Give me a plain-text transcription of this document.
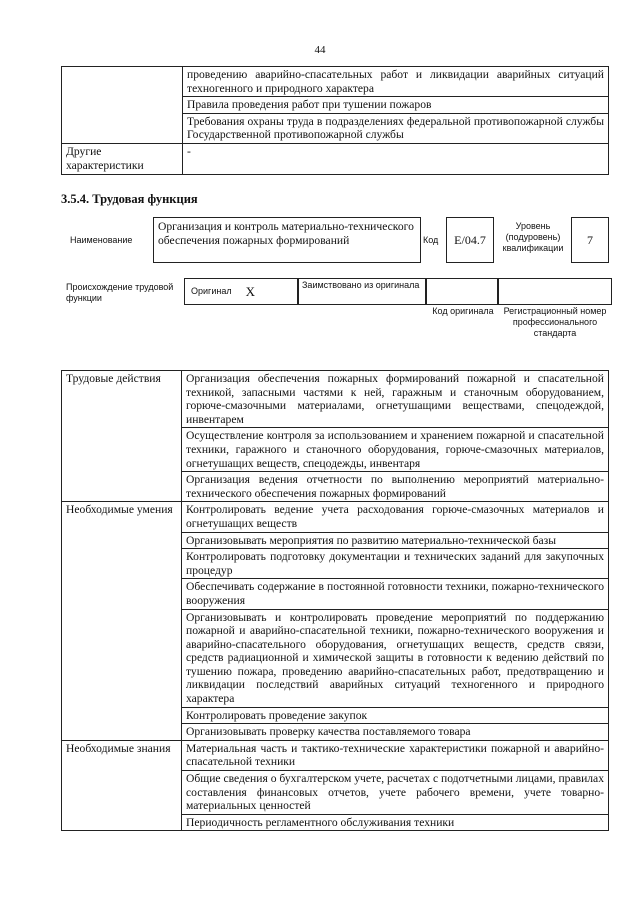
44
	проведению аварийно-спасательных работ и ликвидации аварийных ситуаций техногенного и природного характера
	Правила проведения работ при тушении пожаров
	Требования охраны труда в подразделениях федеральной противопожарной службы Государственной противопожарной службы
Другие характеристики	-
3.5.4. Трудовая функция
Наименование
Организация и контроль материально-технического обеспечения пожарных формирований	Код	E/04.7
Уровень (подуровень) квалификации
7
Происхождение трудовой функции
Оригинал X	Заимствовано из оригинала
Код оригинала	Регистрационный номер профессионального стандарта
Трудовые действия	Организация обеспечения пожарных формирований пожарной и спасательной техникой, запасными частями к ней, гаражным и станочным оборудованием, горюче-смазочными материалами, огнетушащими веществами, спецодеждой, инвентарем
	Осуществление контроля за использованием и хранением пожарной и спасательной техники, гаражного и станочного оборудования, горюче-смазочных материалов, огнетушащих веществ, спецодежды, инвентаря
	Организация ведения отчетности по выполнению мероприятий материально-технического обеспечения пожарных формирований
Необходимые умения	Контролировать ведение учета расходования горюче-смазочных материалов и огнетушащих веществ
	Организовывать мероприятия по развитию материально-технической базы
	Контролировать подготовку документации и технических заданий для закупочных процедур
	Обеспечивать содержание в постоянной готовности техники, пожарно-технического вооружения
	Организовывать и контролировать проведение мероприятий по поддержанию пожарной и аварийно-спасательной техники, пожарно-технического вооружения и аварийно-спасательного оборудования, огнетушащих веществ, средств связи, средств радиационной и химической защиты в готовности к ведению действий по тушению пожара, проведению аварийно-спасательных работ, предотвращению и ликвидации последствий аварийных ситуаций техногенного и природного характера
	Контролировать проведение закупок
	Организовывать проверку качества поставляемого товара
Необходимые знания	Материальная часть и тактико-технические характеристики пожарной и аварийно-спасательной техники
	Общие сведения о бухгалтерском учете, расчетах с подотчетными лицами, правилах составления финансовых отчетов, учете рабочего времени, учете товарно-материальных ценностей
	Периодичность регламентного обслуживания техники
